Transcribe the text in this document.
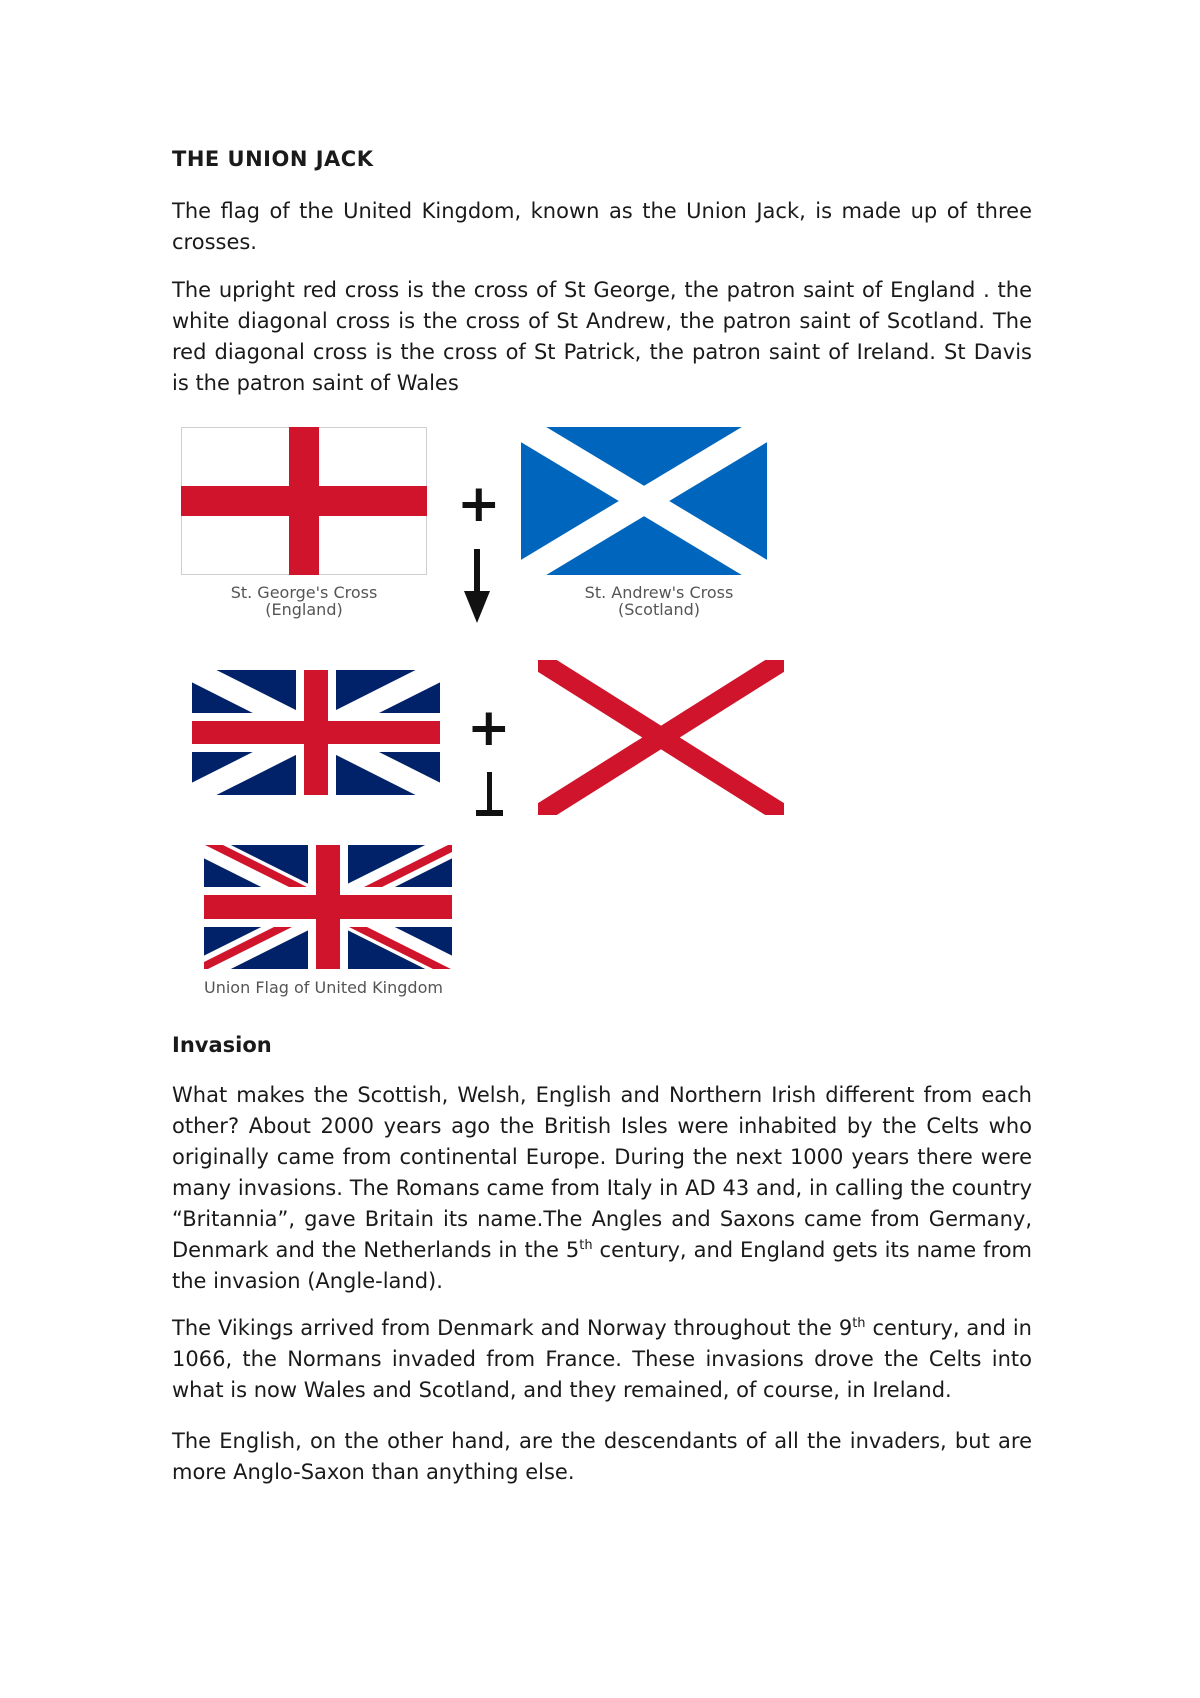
THE UNION JACK

The flag of the United Kingdom, known as the Union Jack, is made up of three crosses.

The upright red cross is the cross of St George, the patron saint of England . the white diagonal cross is the cross of St Andrew, the patron saint of Scotland. The red diagonal cross is the cross of St Patrick, the patron saint of Ireland. St Davis is the patron saint of Wales

St. George's Cross
(England)
+
St. Andrew's Cross
(Scotland)
+
Union Flag of United Kingdom
Invasion

What makes the Scottish, Welsh, English and Northern Irish different from each other? About 2000 years ago the British Isles were inhabited by the Celts who originally came from continental Europe. During the next 1000 years there were many invasions. The Romans came from Italy in AD 43 and, in calling the country “Britannia”, gave Britain its name.The Angles and Saxons came from Germany, Denmark and the Netherlands in the 5th century, and England gets its name from the invasion (Angle-land).

The Vikings arrived from Denmark and Norway throughout the 9th century, and in 1066, the Normans invaded from France. These invasions drove the Celts into what is now Wales and Scotland, and they remained, of course, in Ireland.

The English, on the other hand, are the descendants of all the invaders, but are more Anglo-Saxon than anything else.
